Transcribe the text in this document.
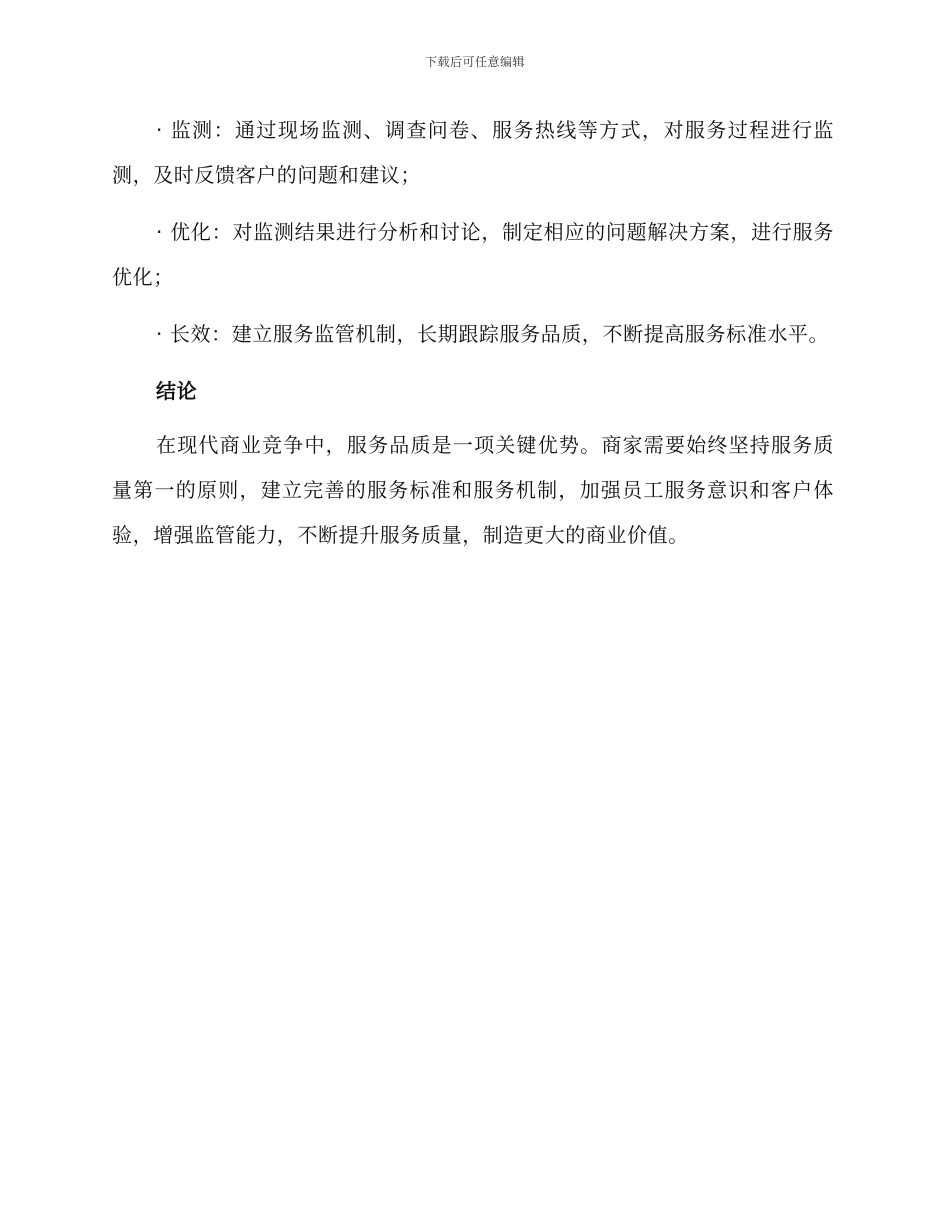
下载后可任意编辑

· 监测：通过现场监测、调查问卷、服务热线等方式，对服务过程进行监测，及时反馈客户的问题和建议；

· 优化：对监测结果进行分析和讨论，制定相应的问题解决方案，进行服务优化；

· 长效：建立服务监管机制，长期跟踪服务品质，不断提高服务标准水平。

结论

在现代商业竞争中，服务品质是一项关键优势。商家需要始终坚持服务质量第一的原则，建立完善的服务标准和服务机制，加强员工服务意识和客户体验，增强监管能力，不断提升服务质量，制造更大的商业价值。
